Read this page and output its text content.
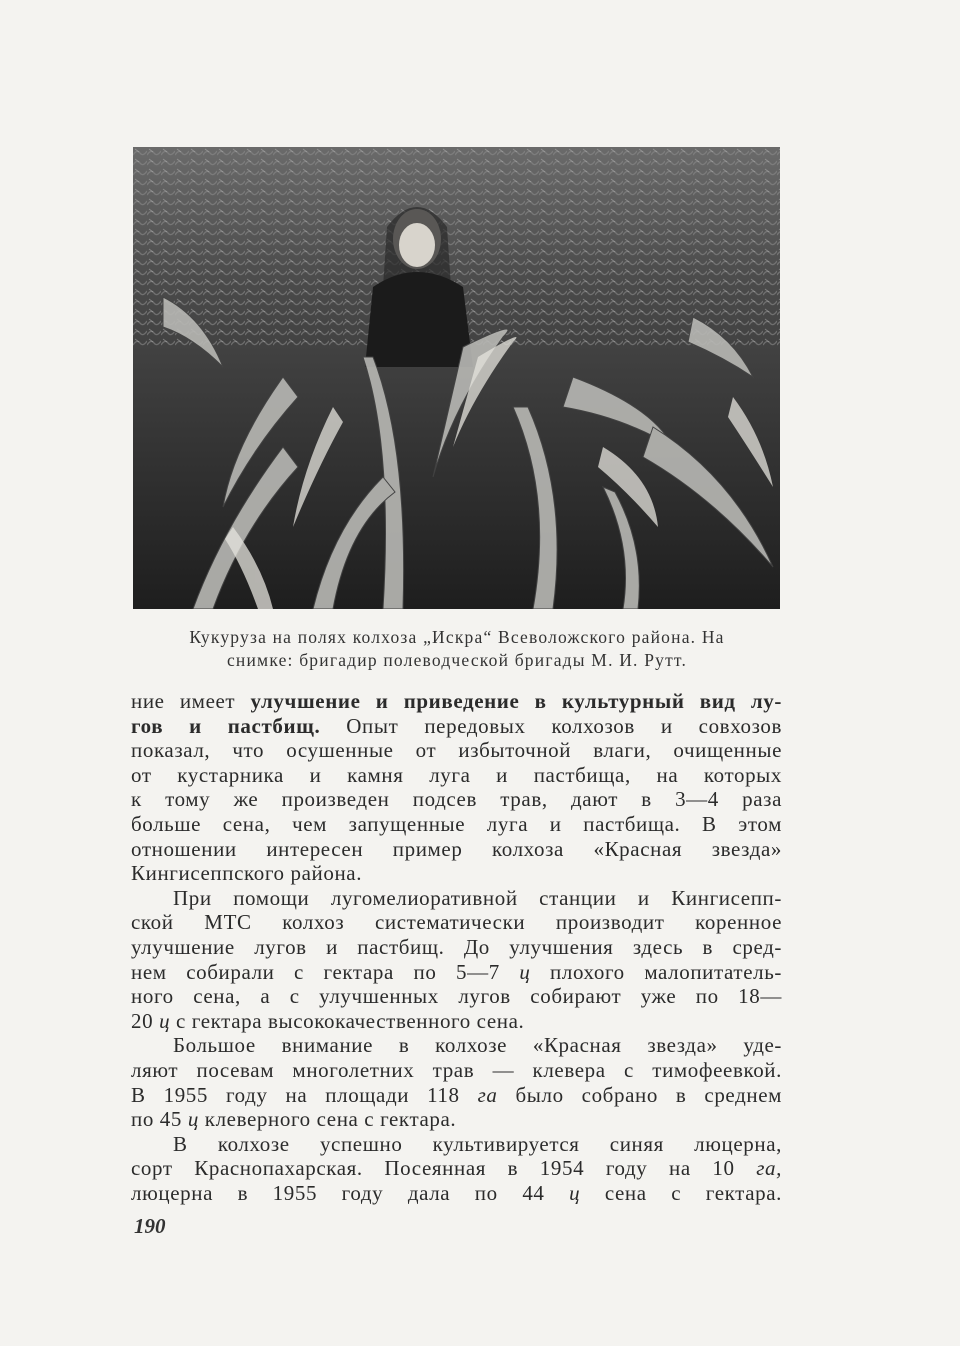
Кукуруза на полях колхоза „Искра“ Всеволожского района. На

снимке: бригадир полеводческой бригады М. И. Рутт.

ние имеет улучшение и приведение в культурный вид лу-
гов и пастбищ. Опыт передовых колхозов и совхозов
показал, что осушенные от избыточной влаги, очищенные
от кустарника и камня луга и пастбища, на которых
к тому же произведен подсев трав, дают в 3—4 раза
больше сена, чем запущенные луга и пастбища. В этом
отношении интересен пример колхоза «Красная звезда»
Кингисеппского района.
При помощи лугомелиоративной станции и Кингисепп-
ской МТС колхоз систематически производит коренное
улучшение лугов и пастбищ. До улучшения здесь в сред-
нем собирали с гектара по 5—7 ц плохого малопитатель-
ного сена, а с улучшенных лугов собирают уже по 18—
20 ц с гектара высококачественного сена.
Большое внимание в колхозе «Красная звезда» уде-
ляют посевам многолетних трав — клевера с тимофеевкой.
В 1955 году на площади 118 га было собрано в среднем
по 45 ц клеверного сена с гектара.
В колхозе успешно культивируется синяя люцерна,
сорт Краснопахарская. Посеянная в 1954 году на 10 га,
люцерна в 1955 году дала по 44 ц сена с гектара.
190
